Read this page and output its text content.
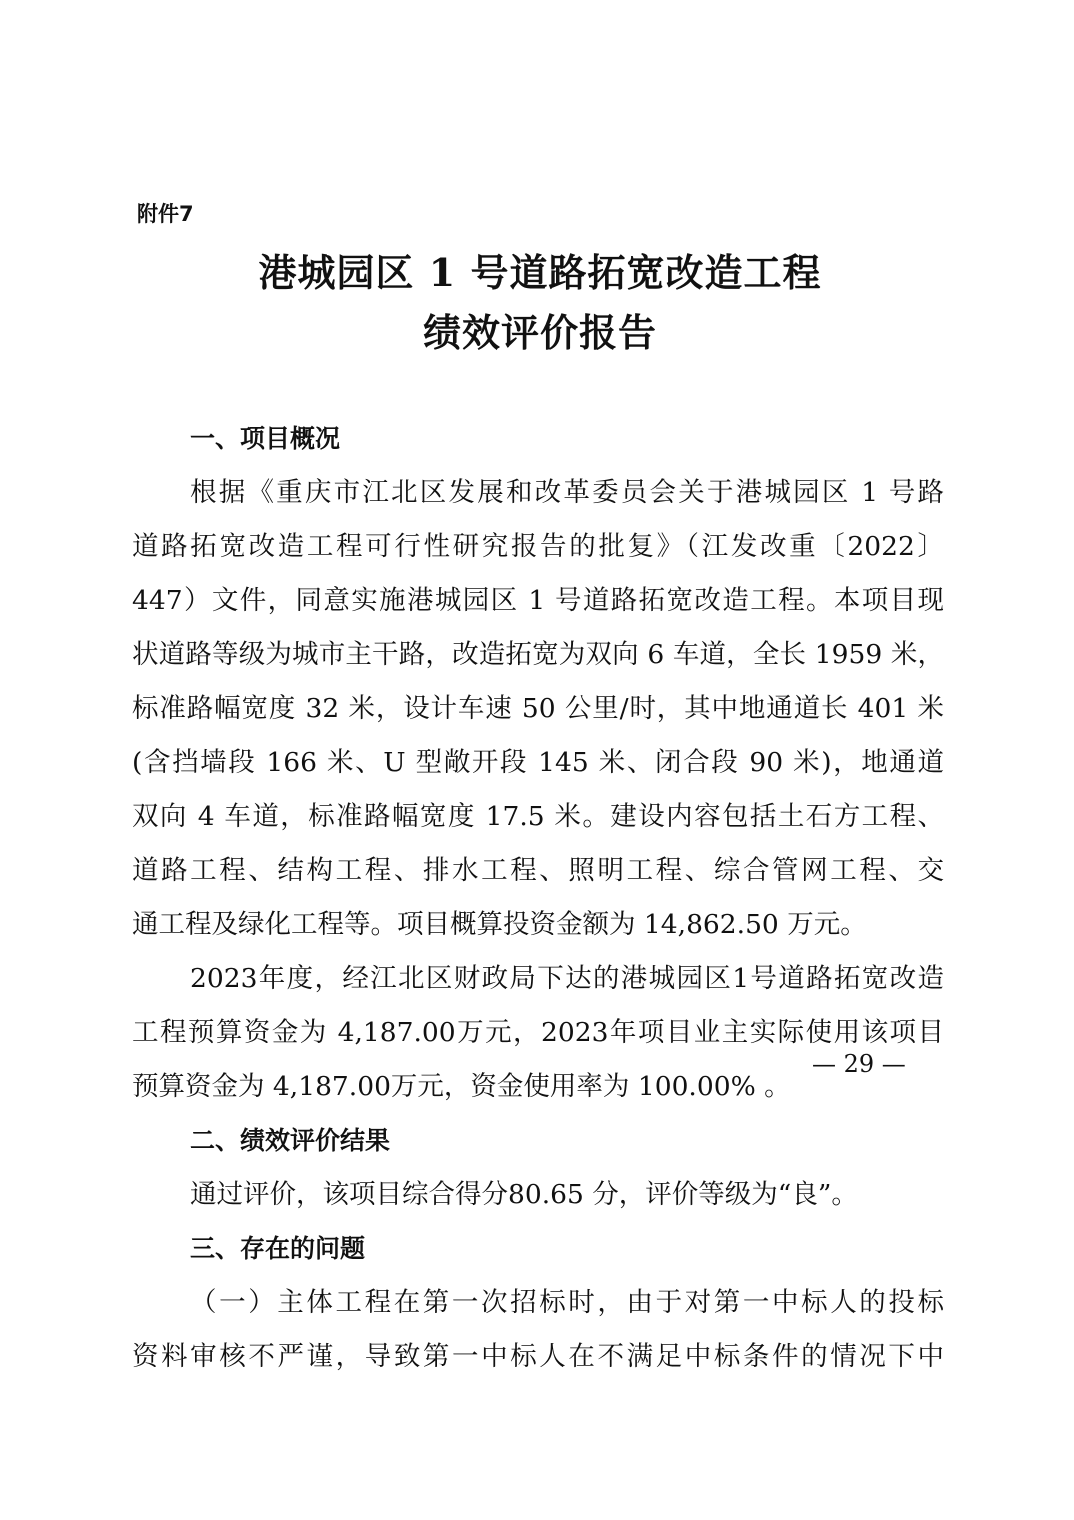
附件7
港城园区 1 号道路拓宽改造工程
绩效评价报告
一、项目概况
根据《重庆市江北区发展和改革委员会关于港城园区 1 号路
道路拓宽改造工程可行性研究报告的批复》（江发改重〔2022〕
447）文件，同意实施港城园区 1 号道路拓宽改造工程。本项目现
状道路等级为城市主干路，改造拓宽为双向 6 车道，全长 1959 米，
标准路幅宽度 32 米，设计车速 50 公里/时，其中地通道长 401 米
(含挡墙段 166 米、U 型敞开段 145 米、闭合段 90 米)，地通道
双向 4 车道，标准路幅宽度 17.5 米。建设内容包括土石方工程、
道路工程、结构工程、排水工程、照明工程、综合管网工程、交
通工程及绿化工程等。项目概算投资金额为 14,862.50 万元。
2023年度，经江北区财政局下达的港城园区1号道路拓宽改造
工程预算资金为 4,187.00万元，2023年项目业主实际使用该项目
预算资金为 4,187.00万元，资金使用率为 100.00% 。
二、绩效评价结果
通过评价，该项目综合得分80.65 分，评价等级为“良”。
三、存在的问题
（一）主体工程在第一次招标时，由于对第一中标人的投标
资料审核不严谨，导致第一中标人在不满足中标条件的情况下中
— 29 —
